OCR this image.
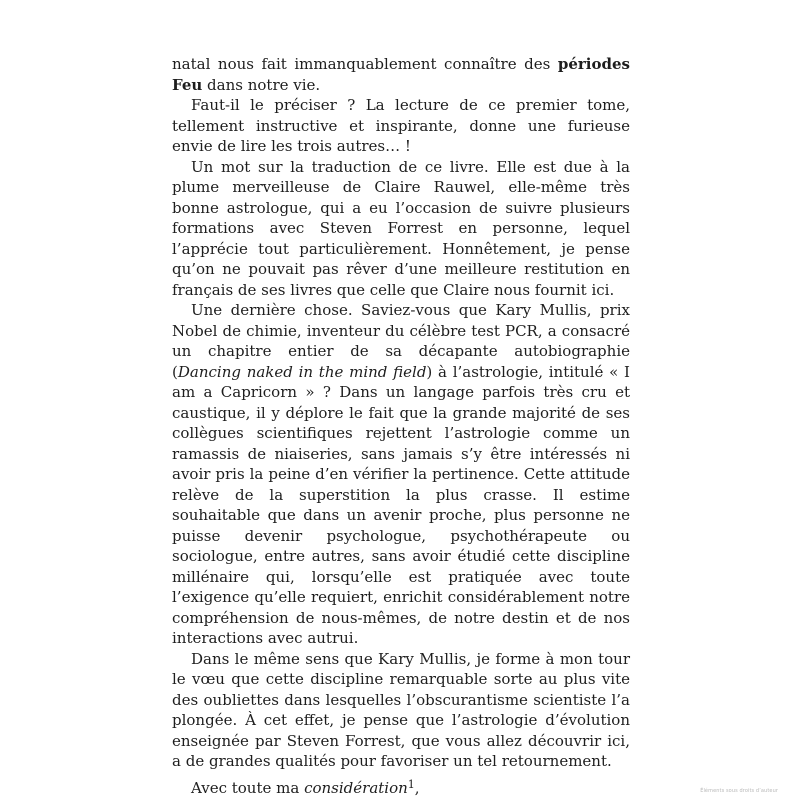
natal nous fait immanquablement connaître des périodes Feu dans notre vie.

Faut-il le préciser ? La lecture de ce premier tome, tellement instructive et inspirante, donne une furieuse envie de lire les trois autres… !

Un mot sur la traduction de ce livre. Elle est due à la plume merveilleuse de Claire Rauwel, elle-même très bonne astrologue, qui a eu l’occasion de suivre plusieurs formations avec Steven Forrest en personne, lequel l’apprécie tout particulièrement. Honnêtement, je pense qu’on ne pouvait pas rêver d’une meilleure restitution en français de ses livres que celle que Claire nous fournit ici.

Une dernière chose. Saviez-vous que Kary Mullis, prix Nobel de chimie, inventeur du célèbre test PCR, a consacré un chapitre entier de sa décapante autobiographie (Dancing naked in the mind field) à l’astrologie, intitulé « I am a Capricorn » ? Dans un langage parfois très cru et caustique, il y déplore le fait que la grande majorité de ses collègues scientifiques rejettent l’astrologie comme un ramassis de niaiseries, sans jamais s’y être intéressés ni avoir pris la peine d’en vérifier la pertinence. Cette attitude relève de la superstition la plus crasse. Il estime souhaitable que dans un avenir proche, plus personne ne puisse devenir psychologue, psychothérapeute ou sociologue, entre autres, sans avoir étudié cette discipline millénaire qui, lorsqu’elle est pratiquée avec toute l’exigence qu’elle requiert, enrichit considérablement notre compréhension de nous-mêmes, de notre destin et de nos interactions avec autrui.

Dans le même sens que Kary Mullis, je forme à mon tour le vœu que cette discipline remarquable sorte au plus vite des oubliettes dans lesquelles l’obscurantisme scientiste l’a plongée. À cet effet, je pense que l’astrologie d’évolution enseignée par Steven Forrest, que vous allez découvrir ici, a de grandes qualités pour favoriser un tel retournement.

Avec toute ma considération$^1$,	Éléments sous droits d’auteur
